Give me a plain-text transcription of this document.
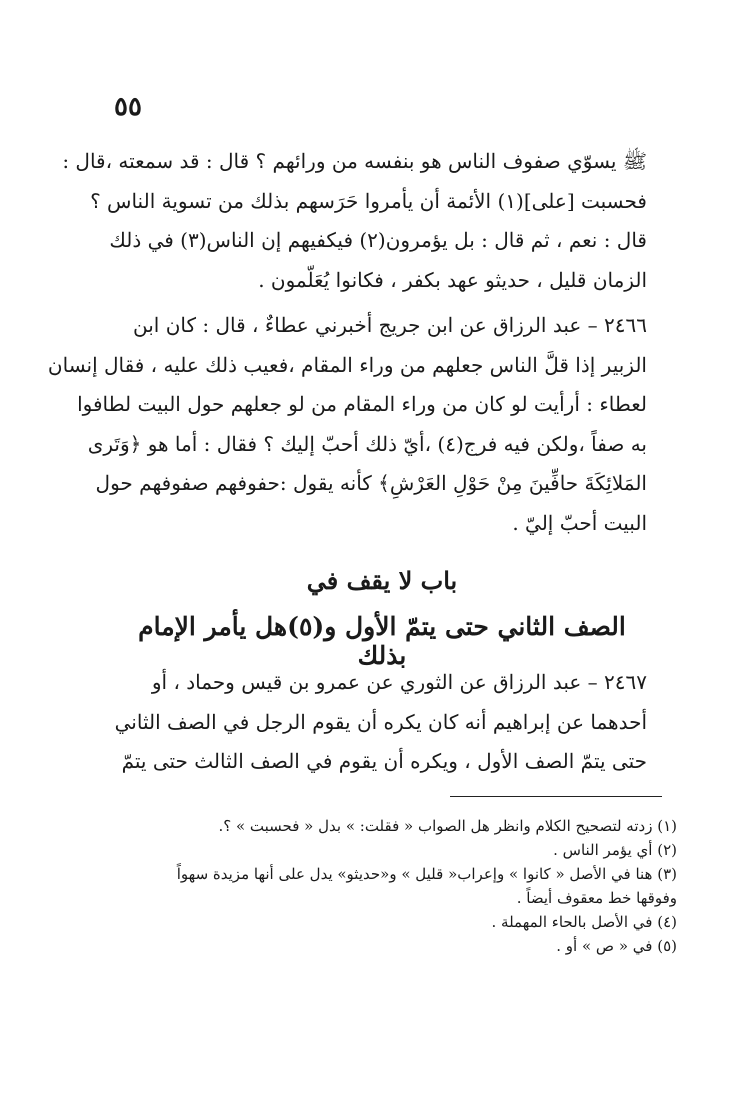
٥٥
ﷺ يسوّي صفوف الناس هو بنفسه من ورائهم ؟ قال : قد سمعته ،قال :
فحسبت [على](١) الأئمة أن يأمروا حَرَسهم بذلك من تسوية الناس ؟
قال : نعم ، ثم قال : بل يؤمرون(٢) فيكفيهم إن الناس(٣) في ذلك
الزمان قليل ، حديثو عهد بكفر ، فكانوا يُعَلّمون .
٢٤٦٦ – عبد الرزاق عن ابن جريج أخبرني عطاءٌ ، قال : كان ابن
الزبير إذا قلَّ الناس جعلهم من وراء المقام ،فعيب ذلك عليه ، فقال إنسان
لعطاء : أرأيت لو كان من وراء المقام من لو جعلهم حول البيت لطافوا
به صفاً ،ولكن فيه فرج(٤) ،أيّ ذلك أحبّ إليك ؟ فقال : أما هو ﴿وَتَرى
المَلائِكَةَ حافِّينَ مِنْ حَوْلِ العَرْشِ﴾ كأنه يقول :حفوفهم صفوفهم حول
البيت أحبّ إليّ .
باب لا يقف في
الصف الثاني حتى يتمّ الأول و(٥)هل يأمر الإمام بذلك
٢٤٦٧ – عبد الرزاق عن الثوري عن عمرو بن قيس وحماد ، أو
أحدهما عن إبراهيم أنه كان يكره أن يقوم الرجل في الصف الثاني
حتى يتمّ الصف الأول ، ويكره أن يقوم في الصف الثالث حتى يتمّ
(١) زدته لتصحيح الكلام وانظر هل الصواب « فقلت: » بدل « فحسبت » ؟.
(٢) أي يؤمر الناس .
(٣) هنا في الأصل « كانوا » وإعراب« قليل » و«حديثو» يدل على أنها مزيدة سهواً
وفوقها خط معقوف أيضاً .
(٤) في الأصل بالحاء المهملة .
(٥) في « ص » أو .
